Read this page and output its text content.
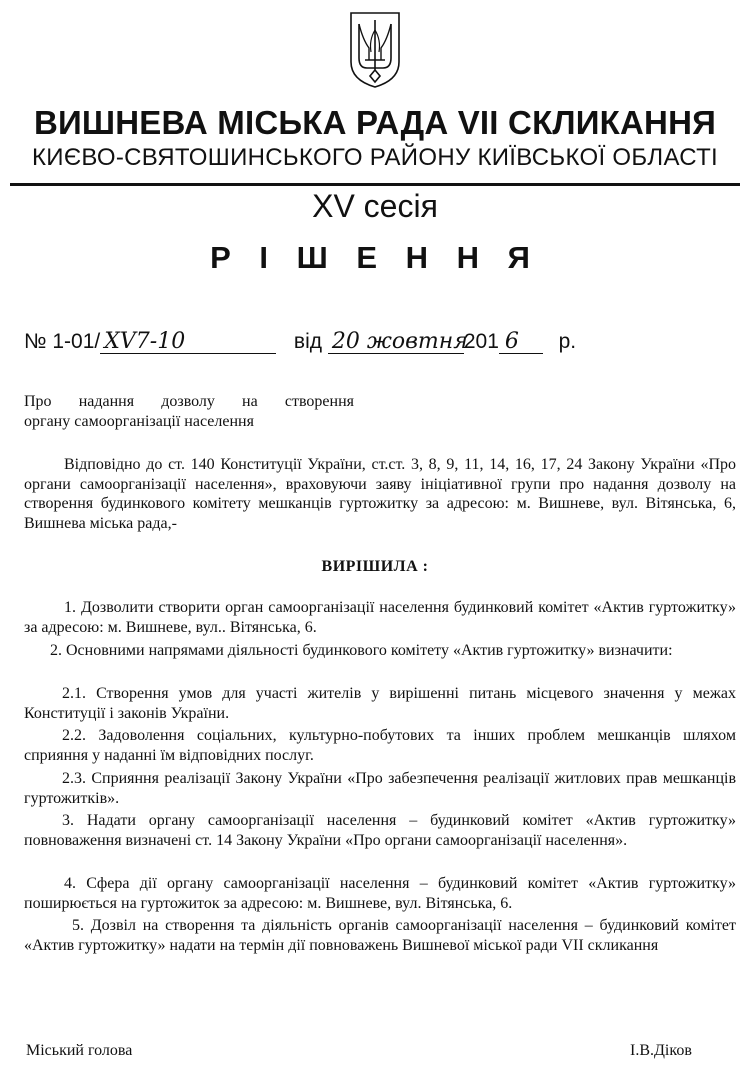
ВИШНЕВА МІСЬКА РАДА VII СКЛИКАННЯ
КИЄВО-СВЯТОШИНСЬКОГО РАЙОНУ КИЇВСЬКОЇ ОБЛАСТІ
XV сесія
Р І Ш Е Н Н Я
№ 1-01/ XV7-10	від 20 жовтня201 6 р.
Про надання дозволу на створення
органу самоорганізації населення
Відповідно до ст. 140 Конституції України, ст.ст. 3, 8, 9, 11, 14, 16, 17, 24 Закону України «Про органи самоорганізації населення», враховуючи заяву ініціативної групи про надання дозволу на створення будинкового комітету мешканців гуртожитку за адресою: м. Вишневе, вул. Вітянська, 6, Вишнева міська рада,-
ВИРІШИЛА :
1. Дозволити створити орган самоорганізації населення будинковий комітет «Актив гуртожитку» за адресою: м. Вишневе, вул.. Вітянська, 6.
2. Основними напрямами діяльності будинкового комітету «Актив гуртожитку» визначити:
2.1. Створення умов для участі жителів у вирішенні питань місцевого значення у межах Конституції і законів України.
2.2. Задоволення соціальних, культурно-побутових та інших проблем мешканців шляхом сприяння у наданні їм відповідних послуг.
2.3. Сприяння реалізації Закону України «Про забезпечення реалізації житлових прав мешканців гуртожитків».
3. Надати органу самоорганізації населення – будинковий комітет «Актив гуртожитку» повноваження визначені ст. 14 Закону України «Про органи самоорганізації населення».
4. Сфера дії органу самоорганізації населення – будинковий комітет «Актив гуртожитку» поширюється на гуртожиток за адресою: м. Вишневе, вул. Вітянська, 6.
5. Дозвіл на створення та діяльність органів самоорганізації населення – будинковий комітет «Актив гуртожитку» надати на термін дії повноважень Вишневої міської ради VII скликання
Міський голова	І.В.Діков
